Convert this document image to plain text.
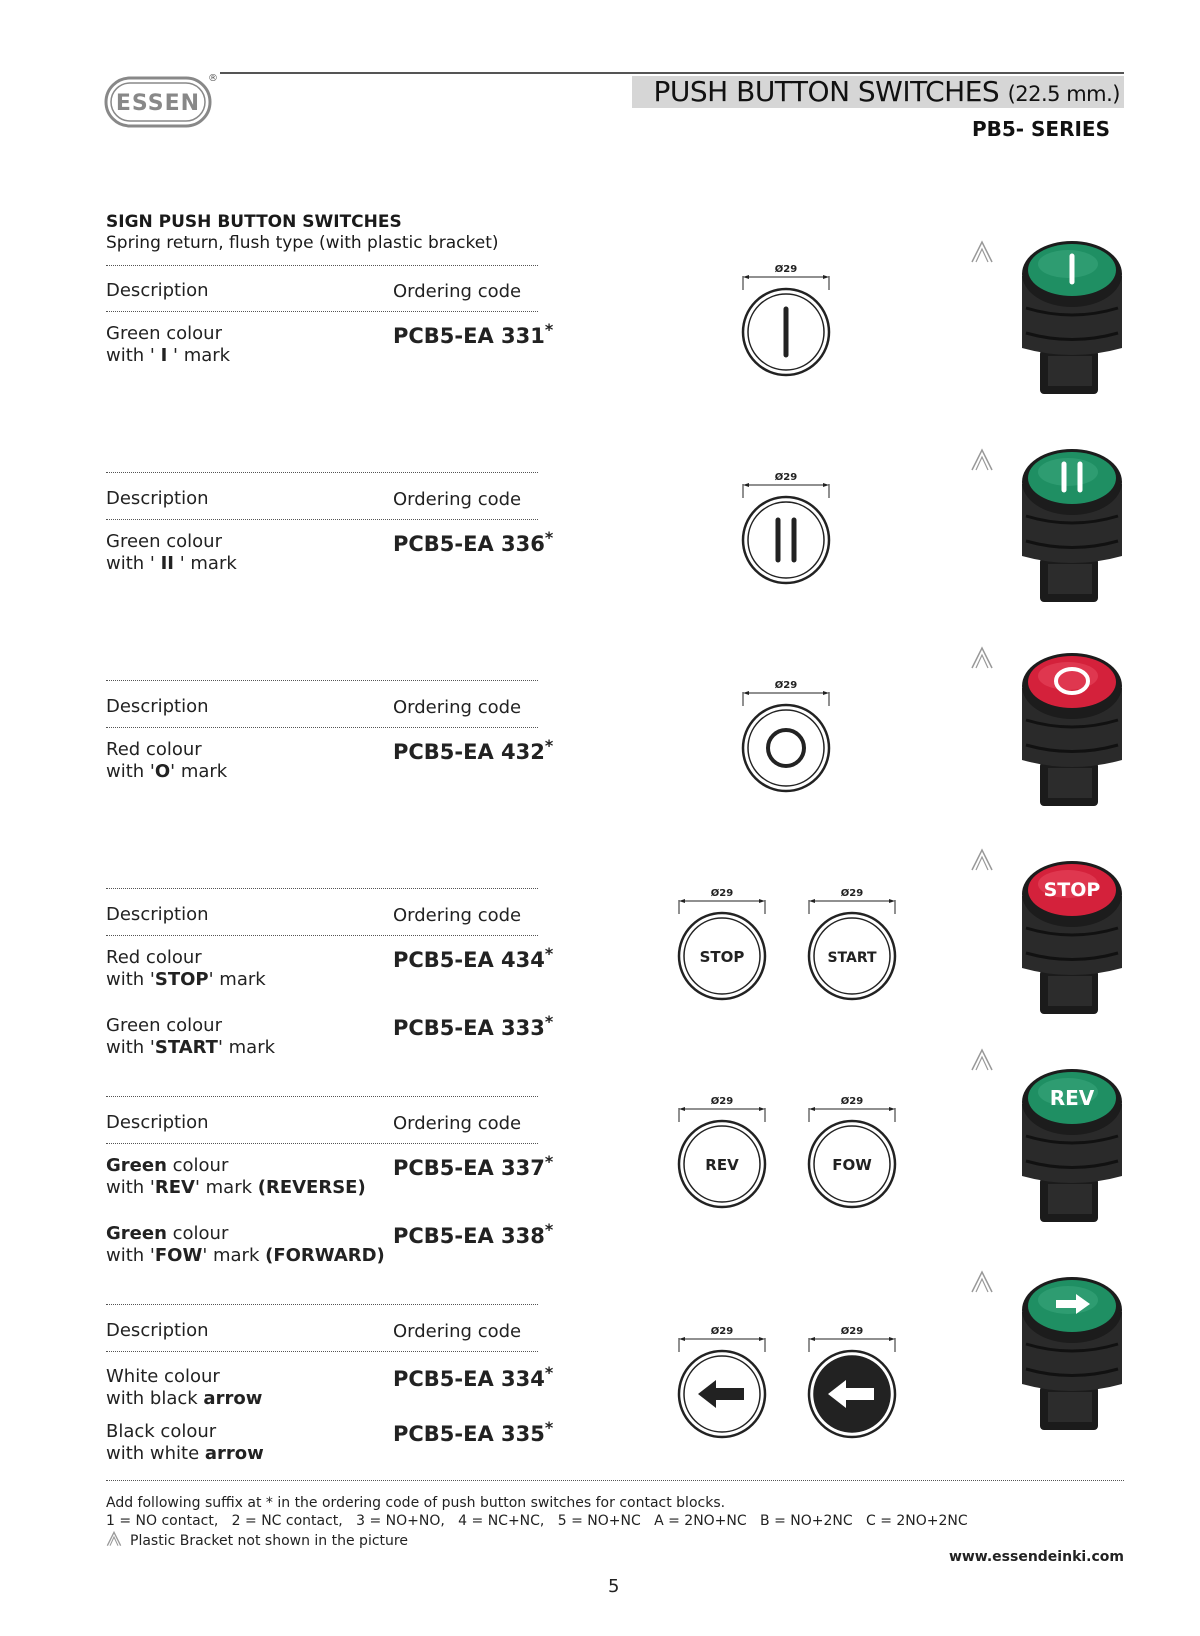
ESSEN
®	PUSH BUTTON SWITCHES (22.5 mm.)
PB5- SERIES
SIGN PUSH BUTTON SWITCHES
Spring return, flush type (with plastic bracket)
Description	Ordering code
Green colour
with ' I ' mark
PCB5-EA 331*
Description	Ordering code
Green colour
with ' II ' mark
PCB5-EA 336*
Description	Ordering code
Red colour
with 'O' mark
PCB5-EA 432*
Description	Ordering code
Red colour
with 'STOP' mark
PCB5-EA 434*
Green colour
with 'START' mark
PCB5-EA 333*
Description	Ordering code
Green colour
with 'REV' mark (REVERSE)
PCB5-EA 337*
Green colour
with 'FOW' mark (FORWARD)
PCB5-EA 338*
Description	Ordering code
White colour
with black arrow
PCB5-EA 334*
Black colour
with white arrow
PCB5-EA 335*
Ø29
Ø29
Ø29
Ø29
STOP
Ø29
START
Ø29
REV
Ø29
FOW
Ø29	Ø29
STOP
REV
Add following suffix at * in the ordering code of push button switches for contact blocks.
1 = NO contact,   2 = NC contact,   3 = NO+NO,   4 = NC+NC,   5 = NO+NC   A = 2NO+NC   B = NO+2NC   C = 2NO+2NC
Plastic Bracket not shown in the picture
www.essendeinki.com
5
